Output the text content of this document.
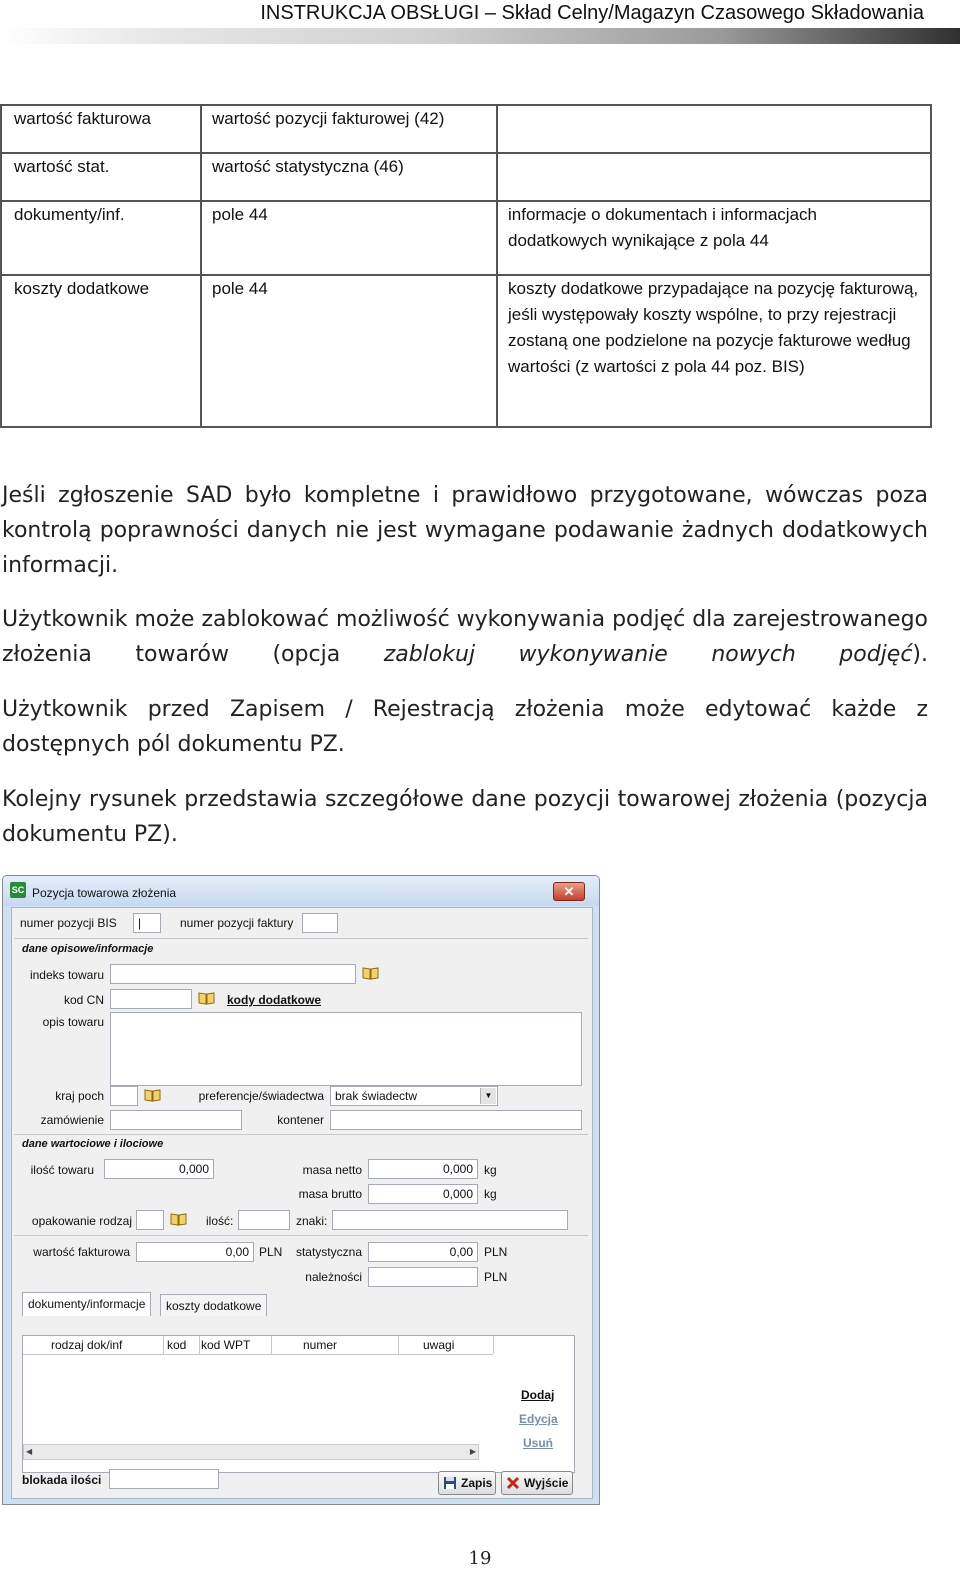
INSTRUKCJA OBSŁUGI – Skład Celny/Magazyn Czasowego Składowania
wartość fakturowa	wartość pozycji fakturowej (42)	
wartość stat.	wartość statystyczna (46)	
dokumenty/inf.	pole 44	informacje o dokumentach i informacjach dodatkowych wynikające z pola 44
koszty dodatkowe	pole 44	koszty dodatkowe przypadające na pozycję fakturową, jeśli występowały koszty wspólne, to przy rejestracji zostaną one podzielone na pozycje fakturowe według wartości (z wartości z pola 44 poz. BIS)

Jeśli zgłoszenie SAD było kompletne i prawidłowo przygotowane, wówczas poza kontrolą poprawności danych nie jest wymagane podawanie żadnych dodatkowych informacji.

Użytkownik może zablokować możliwość wykonywania podjęć dla zarejestrowanego złożenia towarów (opcja zablokuj wykonywanie nowych podjęć).

Użytkownik przed Zapisem / Rejestracją złożenia może edytować każde z dostępnych pól dokumentu PZ.

Kolejny rysunek przedstawia szczegółowe dane pozycji towarowej złożenia (pozycja dokumentu PZ).

SC Pozycja towarowa złożenia	✕
numer pozycji BIS	|	numer pozycji faktury
dane opisowe/informacje
indeks towaru
kod CN	kody dodatkowe
opis towaru
kraj poch	preferencje/świadectwa brak świadectw	▼
zamówienie	kontener
dane wartociowe i ilociowe
ilość towaru	0,000	masa netto	0,000 kg
masa brutto	0,000 kg
opakowanie rodzaj	ilość:	znaki:
wartość fakturowa	0,00 PLN	statystyczna	0,00 PLN
należności	PLN
dokumenty/informacje	koszty dodatkowe
rodzaj dok/inf	kod kod WPT	numer	uwagi
Dodaj
Edycja
Usuń
◀	▶
blokada ilości	Zapis	Wyjście
19
